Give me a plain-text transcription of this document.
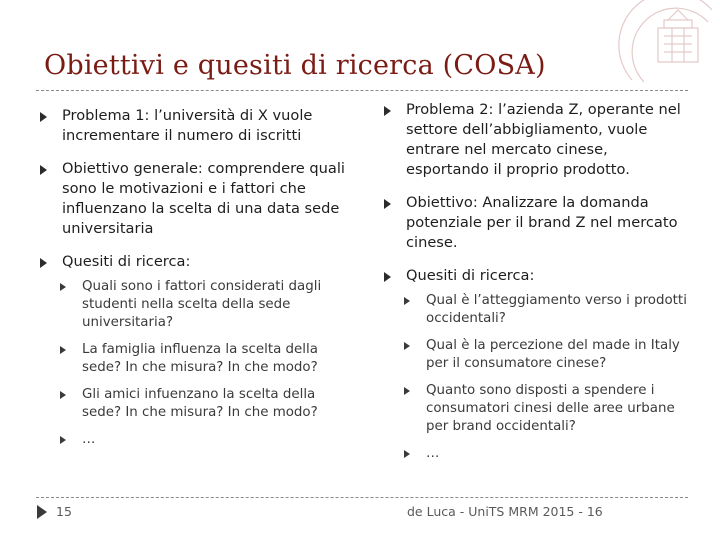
Obiettivi e quesiti di ricerca (COSA)
Problema 1: l’università di X vuole incrementare il numero di iscritti
Obiettivo generale: comprendere quali sono le motivazioni e i fattori che influenzano la scelta di una data sede universitaria
Quesiti di ricerca:
Quali sono i fattori considerati dagli studenti nella scelta della sede universitaria?
La famiglia influenza la scelta della sede? In che misura? In che modo?
Gli amici infuenzano la scelta della sede? In che misura? In che modo?
…
Problema 2: l’azienda Z, operante nel settore dell’abbigliamento, vuole entrare nel mercato cinese, esportando il proprio prodotto.
Obiettivo: Analizzare la domanda potenziale per il brand Z nel mercato cinese.
Quesiti di ricerca:
Qual è l’atteggiamento verso i prodotti occidentali?
Qual è la percezione del made in Italy per il consumatore cinese?
Quanto sono disposti a spendere i consumatori cinesi delle aree urbane per brand occidentali?
…
15	de Luca - UniTS MRM 2015 - 16
